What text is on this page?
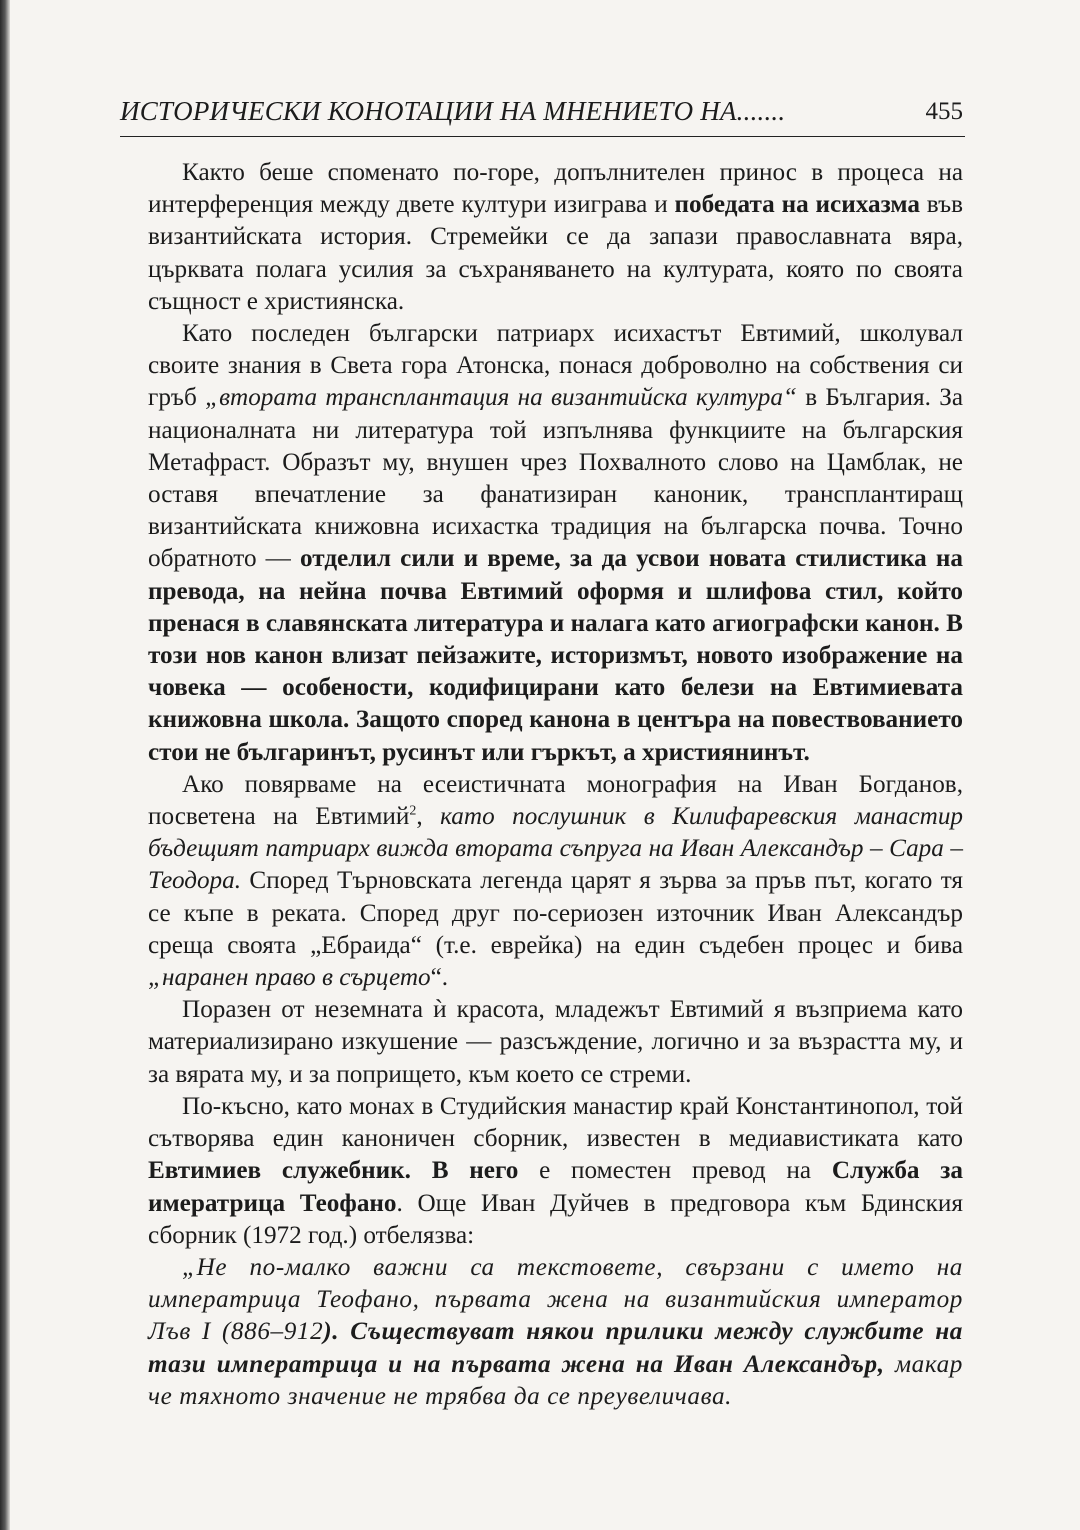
ИСТОРИЧЕСКИ КОНОТАЦИИ НА МНЕНИЕТО НА.......	455

Както беше споменато по-горе, допълнителен принос в процеса на интерференция между двете култури изиграва и победата на исихазма във византийската история. Стремейки се да запази православната вяра, църквата полага усилия за съхраняването на културата, която по своята същност е християнска.

Като последен български патриарх исихастът Евтимий, школувал своите знания в Света гора Атонска, понася доброволно на собствения си гръб „втората трансплантация на византийска култура“ в България. За националната ни литература той изпълнява функциите на българския Метафраст. Образът му, внушен чрез Похвалното слово на Цамблак, не оставя впечатление за фанатизиран каноник, трансплантиращ византийската книжовна исихастка традиция на българска почва. Точно обратното — отделил сили и време, за да усвои новата стилистика на превода, на нейна почва Евтимий оформя и шлифова стил, който пренася в славянската литература и налага като агиографски канон. В този нов канон влизат пейзажите, историзмът, новото изображение на човека — особености, кодифицирани като белези на Евтимиевата книжовна школа. Защото според канона в центъра на повествованието стои не българинът, русинът или гъркът, а християнинът.

Ако повярваме на есеистичната монография на Иван Богданов, посветена на Евтимий$^2$, като послушник в Килифаревския манастир бъдещият патриарх вижда втората съпруга на Иван Александър – Сара – Теодора. Според Търновската легенда царят я зърва за пръв път, когато тя се къпе в реката. Според друг по-сериозен източник Иван Александър среща своята „Ебраида“ (т.е. еврейка) на един съдебен процес и бива „наранен право в сърцето“.

Поразен от неземната ѝ красота, младежът Евтимий я възприема като материализирано изкушение — разсъждение, логично и за възрастта му, и за вярата му, и за попрището, към което се стреми.

По-късно, като монах в Студийския манастир край Константинопол, той сътворява един каноничен сборник, известен в медиавистиката като Евтимиев служебник. В него е поместен превод на Служба за имератрица Теофано. Още Иван Дуйчев в предговора към Бдинския сборник (1972 год.) отбелязва:

„Не по-малко важни са текстовете, свързани с името на императрица Теофано, първата жена на византийския император Лъв I (886–912). Съществуват някои прилики между службите на тази императрица и на първата жена на Иван Александър, макар че тяхното значение не трябва да се преувеличава.
